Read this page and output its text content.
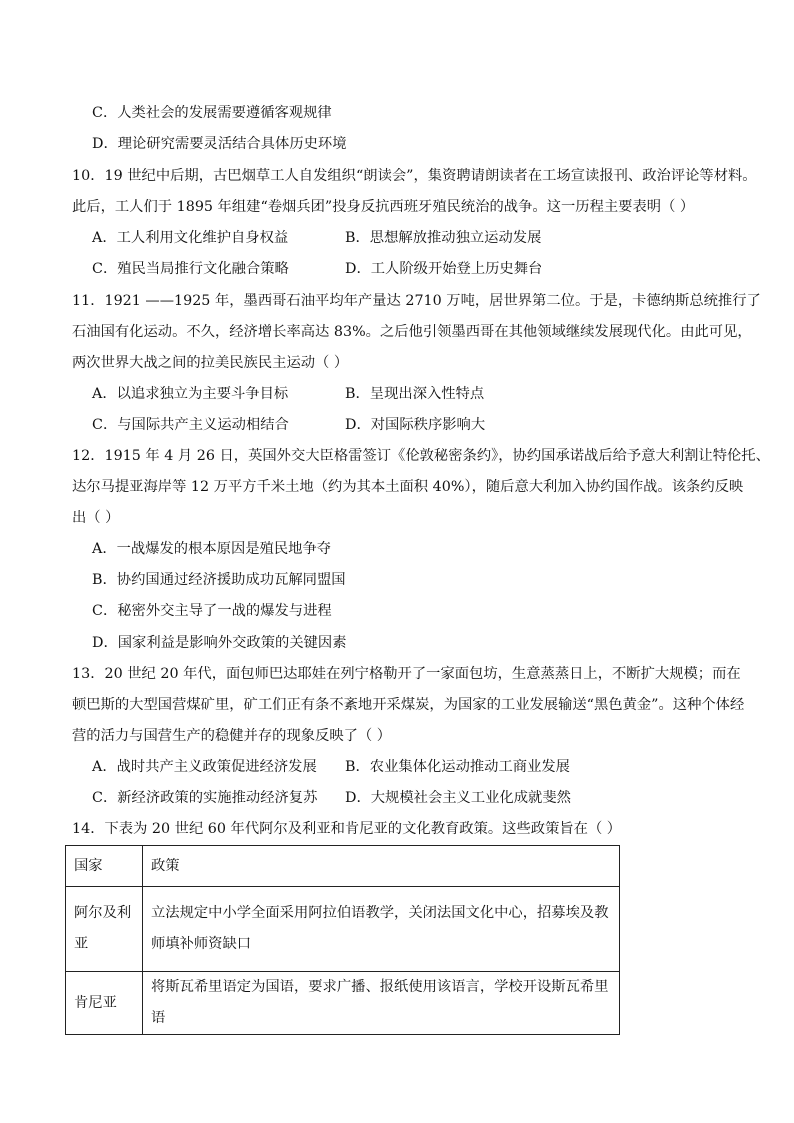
C．人类社会的发展需要遵循客观规律
D．理论研究需要灵活结合具体历史环境
10．19 世纪中后期，古巴烟草工人自发组织“朗读会”，集资聘请朗读者在工场宣读报刊、政治评论等材料。
此后，工人们于 1895 年组建“卷烟兵团”投身反抗西班牙殖民统治的战争。这一历程主要表明（ ）
A．工人利用文化维护自身权益	B．思想解放推动独立运动发展
C．殖民当局推行文化融合策略	D．工人阶级开始登上历史舞台
11．1921 ——1925 年，墨西哥石油平均年产量达 2710 万吨，居世界第二位。于是，卡德纳斯总统推行了
石油国有化运动。不久，经济增长率高达 83%。之后他引领墨西哥在其他领域继续发展现代化。由此可见，
两次世界大战之间的拉美民族民主运动（ ）
A．以追求独立为主要斗争目标	B．呈现出深入性特点
C．与国际共产主义运动相结合	D．对国际秩序影响大
12．1915 年 4 月 26 日，英国外交大臣格雷签订《伦敦秘密条约》，协约国承诺战后给予意大利割让特伦托、
达尔马提亚海岸等 12 万平方千米土地（约为其本土面积 40%），随后意大利加入协约国作战。该条约反映
出（ ）
A．一战爆发的根本原因是殖民地争夺
B．协约国通过经济援助成功瓦解同盟国
C．秘密外交主导了一战的爆发与进程
D．国家利益是影响外交政策的关键因素
13．20 世纪 20 年代，面包师巴达耶娃在列宁格勒开了一家面包坊，生意蒸蒸日上，不断扩大规模；而在
顿巴斯的大型国营煤矿里，矿工们正有条不紊地开采煤炭，为国家的工业发展输送“黑色黄金”。这种个体经
营的活力与国营生产的稳健并存的现象反映了（ ）
A．战时共产主义政策促进经济发展 B．农业集体化运动推动工商业发展
C．新经济政策的实施推动经济复苏 D．大规模社会主义工业化成就斐然
14．下表为 20 世纪 60 年代阿尔及利亚和肯尼亚的文化教育政策。这些政策旨在（ ）
国家	政策
阿尔及利亚	立法规定中小学全面采用阿拉伯语教学，关闭法国文化中心，招募埃及教师填补师资缺口
肯尼亚	将斯瓦希里语定为国语，要求广播、报纸使用该语言，学校开设斯瓦希里语
